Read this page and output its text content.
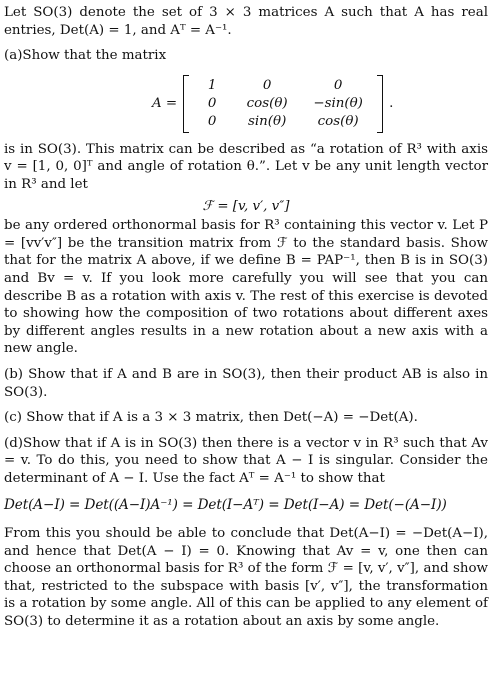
Let SO(3) denote the set of 3 × 3 matrices A such that A has real entries, Det(A) = 1, and Aᵀ = A⁻¹.

(a)Show that the matrix

A =
1	0	0
0	cos(θ)	−sin(θ)
0	sin(θ)	cos(θ)
.

is in SO(3). This matrix can be described as “a rotation of R³ with axis v = [1, 0, 0]ᵀ and angle of rotation θ.”. Let v be any unit length vector in R³ and let

ℱ = [v, v′, v″]

be any ordered orthonormal basis for R³ containing this vector v. Let P = [vv′v″] be the transition matrix from ℱ to the standard basis. Show that for the matrix A above, if we define B = PAP⁻¹, then B is in SO(3) and Bv = v. If you look more carefully you will see that you can describe B as a rotation with axis v. The rest of this exercise is devoted to showing how the composition of two rotations about different axes by different angles results in a new rotation about a new axis with a new angle.

(b) Show that if A and B are in SO(3), then their product AB is also in SO(3).

(c) Show that if A is a 3 × 3 matrix, then Det(−A) = −Det(A).

(d)Show that if A is in SO(3) then there is a vector v in R³ such that Av = v. To do this, you need to show that A − I is singular. Consider the determinant of A − I. Use the fact Aᵀ = A⁻¹ to show that

Det(A−I) = Det((A−I)A⁻¹) = Det(I−Aᵀ) = Det(I−A) = Det(−(A−I))

From this you should be able to conclude that Det(A−I) = −Det(A−I), and hence that Det(A − I) = 0. Knowing that Av = v, one then can choose an orthonormal basis for R³ of the form ℱ = [v, v′, v″], and show that, restricted to the subspace with basis [v′, v″], the transformation is a rotation by some angle. All of this can be applied to any element of SO(3) to determine it as a rotation about an axis by some angle.
